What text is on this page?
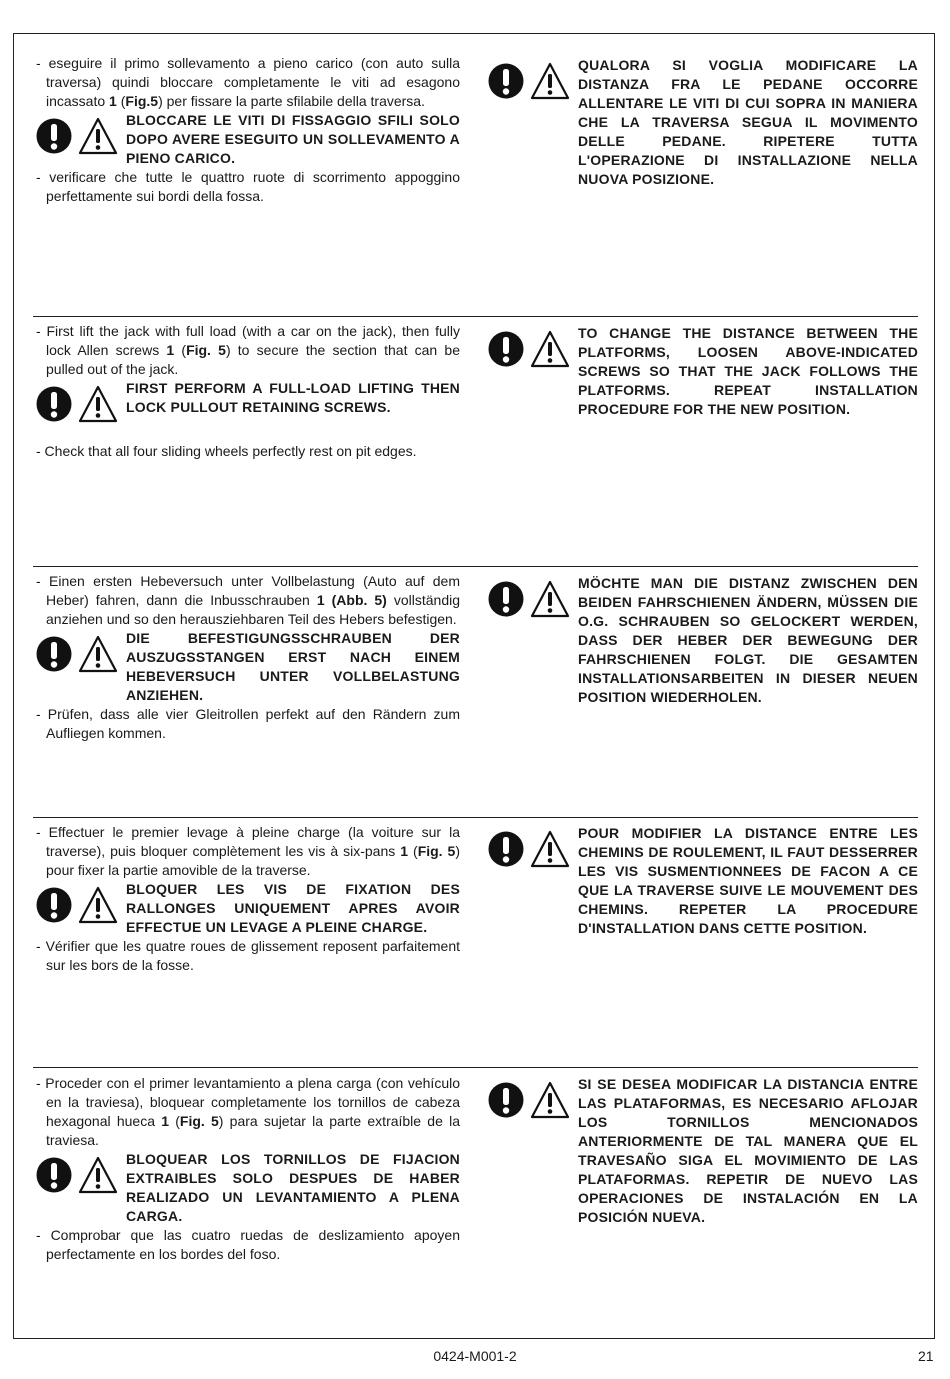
- eseguire il primo sollevamento a pieno carico (con auto sulla traversa) quindi bloccare completamente le viti ad esagono incassato 1 (Fig.5) per fissare la parte sfilabile della traversa.

BLOCCARE LE VITI DI FISSAGGIO SFILI SOLO DOPO AVERE ESEGUITO UN SOLLEVAMENTO A PIENO CARICO.

- verificare che tutte le quattro ruote di scorrimento appoggino perfettamente sui bordi della fossa.

QUALORA SI VOGLIA MODIFICARE LA DISTANZA FRA LE PEDANE OCCORRE ALLENTARE LE VITI DI CUI SOPRA IN MANIERA CHE LA TRAVERSA SEGUA IL MOVIMENTO DELLE PEDANE. RIPETERE TUTTA L'OPERAZIONE DI INSTALLAZIONE NELLA NUOVA POSIZIONE.

- First lift the jack with full load (with a car on the jack), then fully lock Allen screws 1 (Fig. 5) to secure the section that can be pulled out of the jack.

FIRST PERFORM A FULL-LOAD LIFTING THEN LOCK PULLOUT RETAINING SCREWS.

- Check that all four sliding wheels perfectly rest on pit edges.

TO CHANGE THE DISTANCE BETWEEN THE PLATFORMS, LOOSEN ABOVE-INDICATED SCREWS SO THAT THE JACK FOLLOWS THE PLATFORMS. REPEAT INSTALLATION PROCEDURE FOR THE NEW POSITION.

- Einen ersten Hebeversuch unter Vollbelastung (Auto auf dem Heber) fahren, dann die Inbusschrauben 1 (Abb. 5) vollständig anziehen und so den herausziehbaren Teil des Hebers befestigen.

DIE BEFESTIGUNGSSCHRAUBEN DER AUSZUGSSTANGEN ERST NACH EINEM HEBEVERSUCH UNTER VOLLBELASTUNG ANZIEHEN.

- Prüfen, dass alle vier Gleitrollen perfekt auf den Rändern zum Aufliegen kommen.

MÖCHTE MAN DIE DISTANZ ZWISCHEN DEN BEIDEN FAHRSCHIENEN ÄNDERN, MÜSSEN DIE O.G. SCHRAUBEN SO GELOCKERT WERDEN, DASS DER HEBER DER BEWEGUNG DER FAHRSCHIENEN FOLGT. DIE GESAMTEN INSTALLATIONSARBEITEN IN DIESER NEUEN POSITION WIEDERHOLEN.

- Effectuer le premier levage à pleine charge (la voiture sur la traverse), puis bloquer complètement les vis à six-pans 1 (Fig. 5) pour fixer la partie amovible de la traverse.

BLOQUER LES VIS DE FIXATION DES RALLONGES UNIQUEMENT APRES AVOIR EFFECTUE UN LEVAGE A PLEINE CHARGE.

- Vérifier que les quatre roues de glissement reposent parfaitement sur les bors de la fosse.

POUR MODIFIER LA DISTANCE ENTRE LES CHEMINS DE ROULEMENT, IL FAUT DESSERRER LES VIS SUSMENTIONNEES DE FACON A CE QUE LA TRAVERSE SUIVE LE MOUVEMENT DES CHEMINS. REPETER LA PROCEDURE D'INSTALLATION DANS CETTE POSITION.

- Proceder con el primer levantamiento a plena carga (con vehículo en la traviesa), bloquear completamente los tornillos de cabeza hexagonal hueca 1 (Fig. 5) para sujetar la parte extraíble de la traviesa.

BLOQUEAR LOS TORNILLOS DE FIJACION EXTRAIBLES SOLO DESPUES DE HABER REALIZADO UN LEVANTAMIENTO A PLENA CARGA.

- Comprobar que las cuatro ruedas de deslizamiento apoyen perfectamente en los bordes del foso.

SI SE DESEA MODIFICAR LA DISTANCIA ENTRE LAS PLATAFORMAS, ES NECESARIO AFLOJAR LOS TORNILLOS MENCIONADOS ANTERIORMENTE DE TAL MANERA QUE EL TRAVESAÑO SIGA EL MOVIMIENTO DE LAS PLATAFORMAS. REPETIR DE NUEVO LAS OPERACIONES DE INSTALACIÓN EN LA POSICIÓN NUEVA.

0424-M001-2	21
